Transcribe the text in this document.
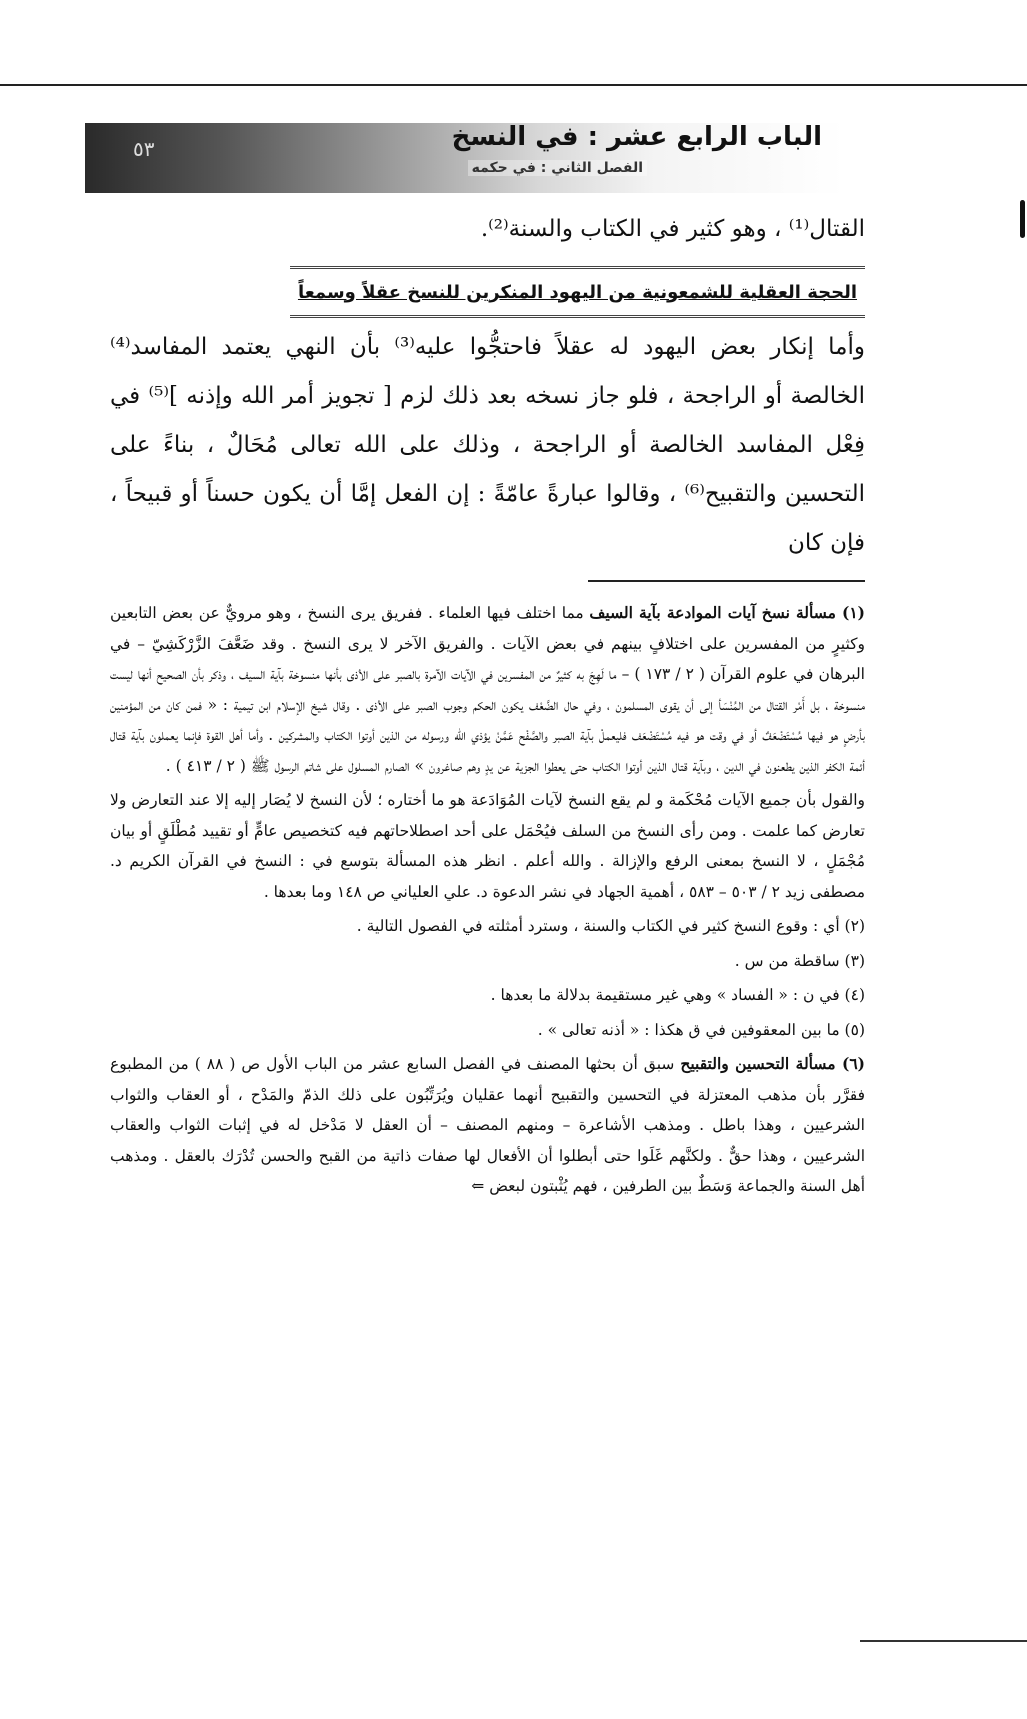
الباب الرابع عشر : في النسخ
الفصل الثاني : في حكمه
٥٣
القتال⁽¹⁾ ، وهو كثير في الكتاب والسنة⁽²⁾.
الحجة العقلية للشمعونية من اليهود المنكرين للنسخ عقلاً وسمعاً
وأما إنكار بعض اليهود له عقلاً فاحتجُّوا عليه⁽³⁾ بأن النهي يعتمد المفاسد⁽⁴⁾ الخالصة أو الراجحة ، فلو جاز نسخه بعد ذلك لزم [ تجويز أمر الله وإذنه ]⁽⁵⁾ في فِعْل المفاسد الخالصة أو الراجحة ، وذلك على الله تعالى مُحَالٌ ، بناءً على التحسين والتقبيح⁽⁶⁾ ، وقالوا عبارةً عامّةً : إن الفعل إمَّا أن يكون حسناً أو قبيحاً ، فإن كان

(١) مسألة نسخ آيات الموادعة بآية السيف مما اختلف فيها العلماء . ففريق يرى النسخ ، وهو مرويٌّ عن بعض التابعين وكثيرٍ من المفسرين على اختلافٍ بينهم في بعض الآيات . والفريق الآخر لا يرى النسخ . وقد ضَعَّفَ الزَّرْكَشِيّ – في البرهان في علوم القرآن ( ٢ / ١٧٣ ) – ما لَهِجَ به كثيرٌ من المفسرين في الآيات الآمرة بالصبر على الأذى بأنها منسوخة بآية السيف ، وذكر بأن الصحيح أنها ليست منسوخة ، بل أَمْر القتال من المُنْسَأ إلى أن يقوى المسلمون ، وفي حال الضَّعْف يكون الحكم وجوب الصبر على الأذى . وقال شيخ الإسلام ابن تيمية : « فمن كان من المؤمنين بأرضٍ هو فيها مُسْتَضْعَفٌ أو في وقت هو فيه مُسْتَضْعَف فليعملْ بآية الصبر والصَّفْح عَمَّنْ يؤذي الله ورسوله من الذين أوتوا الكتاب والمشركين . وأما أهل القوة فإنما يعملون بآية قتال أئمة الكفر الذين يطعنون في الدين ، وبآية قتال الذين أوتوا الكتاب حتى يعطوا الجزية عن يدٍ وهم صاغرون » الصارم المسلول على شاتم الرسول ﷺ ( ٢ / ٤١٣ ) .

والقول بأن جميع الآيات مُحْكَمة و لم يقع النسخ لآيات المُوَادَعة هو ما أختاره ؛ لأن النسخ لا يُصَار إليه إلا عند التعارض ولا تعارض كما علمت . ومن رأى النسخ من السلف فيُحْمَل على أحد اصطلاحاتهم فيه كتخصيص عامٍّ أو تقييد مُطْلَقٍ أو بيان مُجْمَلٍ ، لا النسخ بمعنى الرفع والإزالة . والله أعلم . انظر هذه المسألة بتوسع في : النسخ في القرآن الكريم د. مصطفى زيد ٢ / ٥٠٣ – ٥٨٣ ، أهمية الجهاد في نشر الدعوة د. علي العلياني ص ١٤٨ وما بعدها .

(٢) أي : وقوع النسخ كثير في الكتاب والسنة ، وسترد أمثلته في الفصول التالية .

(٣) ساقطة من س .

(٤) في ن : « الفساد » وهي غير مستقيمة بدلالة ما بعدها .

(٥) ما بين المعقوفين في ق هكذا : « أذنه تعالى » .

(٦) مسألة التحسين والتقبيح سبق أن بحثها المصنف في الفصل السابع عشر من الباب الأول ص ( ٨٨ ) من المطبوع فقرَّر بأن مذهب المعتزلة في التحسين والتقبيح أنهما عقليان ويُرَتِّبُون على ذلك الذمّ والمَدْح ، أو العقاب والثواب الشرعيين ، وهذا باطل . ومذهب الأشاعرة – ومنهم المصنف – أن العقل لا مَدْخل له في إثبات الثواب والعقاب الشرعيين ، وهذا حقٌّ . ولكنَّهم غَلَوا حتى أبطلوا أن الأفعال لها صفات ذاتية من القبح والحسن تُدْرَك بالعقل . ومذهب أهل السنة والجماعة وَسَطٌ بين الطرفين ، فهم يُثْبتون لبعض ⇐
